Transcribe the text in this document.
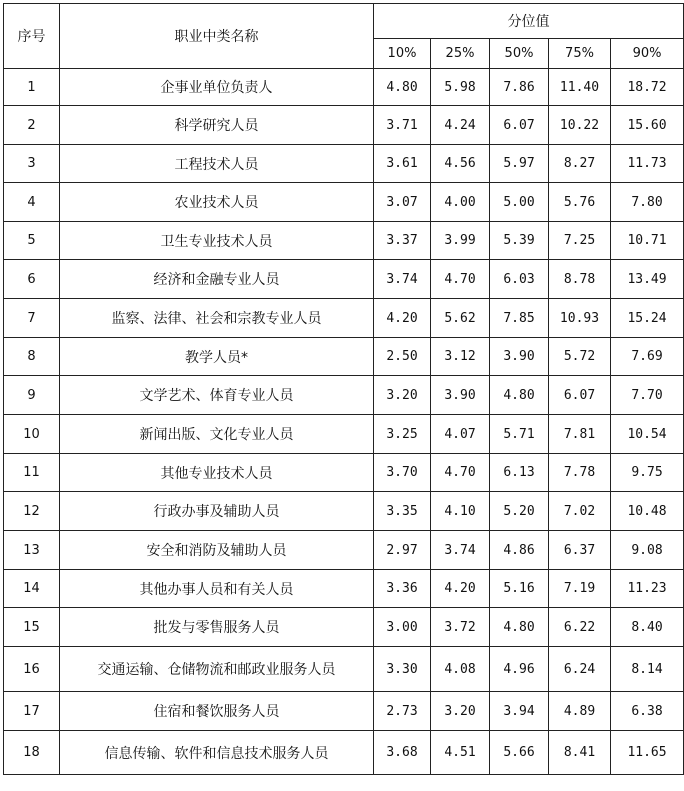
序号	职业中类名称	分位值				
		10%	25%	50%	75%	90%
1	企事业单位负责人	4.80	5.98	7.86	11.40	18.72
2	科学研究人员	3.71	4.24	6.07	10.22	15.60
3	工程技术人员	3.61	4.56	5.97	8.27	11.73
4	农业技术人员	3.07	4.00	5.00	5.76	7.80
5	卫生专业技术人员	3.37	3.99	5.39	7.25	10.71
6	经济和金融专业人员	3.74	4.70	6.03	8.78	13.49
7	监察、法律、社会和宗教专业人员	4.20	5.62	7.85	10.93	15.24
8	教学人员*	2.50	3.12	3.90	5.72	7.69
9	文学艺术、体育专业人员	3.20	3.90	4.80	6.07	7.70
10	新闻出版、文化专业人员	3.25	4.07	5.71	7.81	10.54
11	其他专业技术人员	3.70	4.70	6.13	7.78	9.75
12	行政办事及辅助人员	3.35	4.10	5.20	7.02	10.48
13	安全和消防及辅助人员	2.97	3.74	4.86	6.37	9.08
14	其他办事人员和有关人员	3.36	4.20	5.16	7.19	11.23
15	批发与零售服务人员	3.00	3.72	4.80	6.22	8.40
16	交通运输、仓储物流和邮政业服务人员	3.30	4.08	4.96	6.24	8.14
17	住宿和餐饮服务人员	2.73	3.20	3.94	4.89	6.38
18	信息传输、软件和信息技术服务人员	3.68	4.51	5.66	8.41	11.65
